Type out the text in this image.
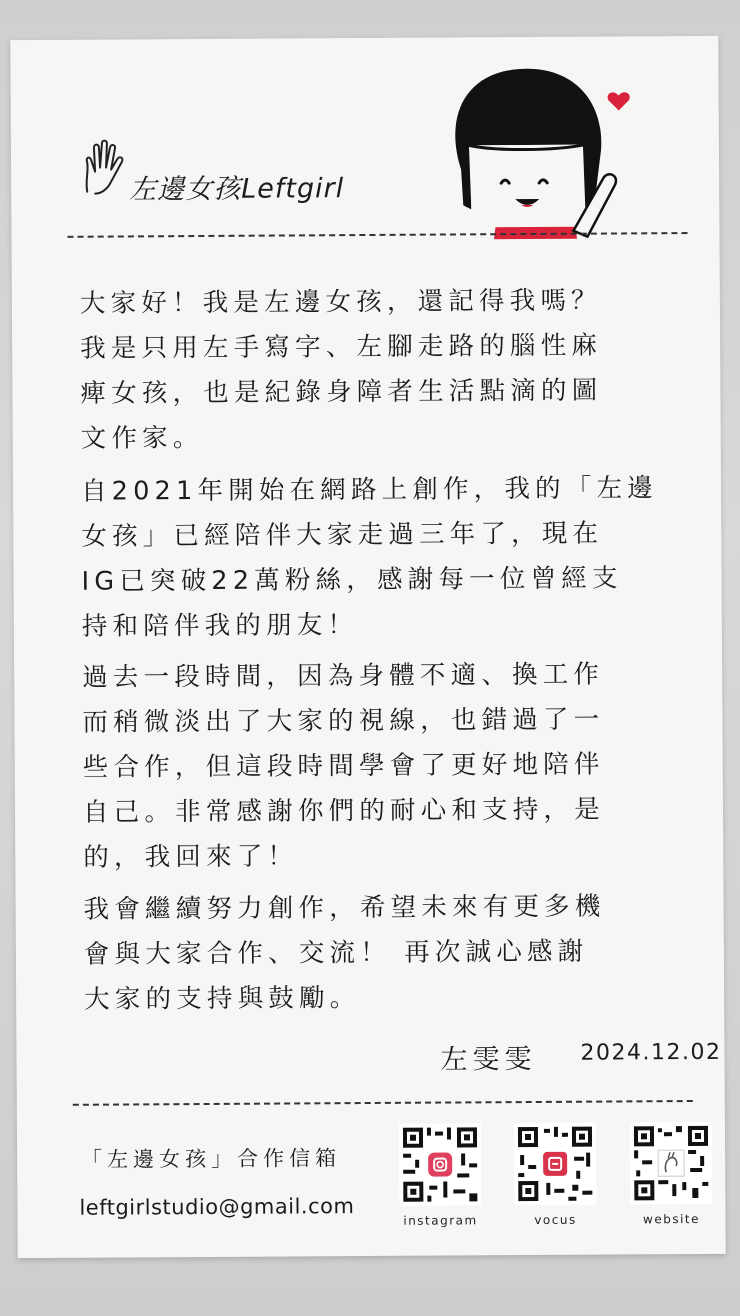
左邊女孩Leftgirl

大家好！我是左邊女孩，還記得我嗎？
我是只用左手寫字、左腳走路的腦性麻
痺女孩，也是紀錄身障者生活點滴的圖
文作家。

自2021年開始在網路上創作，我的「左邊
女孩」已經陪伴大家走過三年了，現在
IG已突破22萬粉絲，感謝每一位曾經支
持和陪伴我的朋友！

過去一段時間，因為身體不適、換工作
而稍微淡出了大家的視線，也錯過了一
些合作，但這段時間學會了更好地陪伴
自己。非常感謝你們的耐心和支持，是
的，我回來了！

我會繼續努力創作，希望未來有更多機
會與大家合作、交流！ 再次誠心感謝
大家的支持與鼓勵。

左雯雯 2024.12.02
「左邊女孩」合作信箱
leftgirlstudio@gmail.com
instagram	vocus	website
